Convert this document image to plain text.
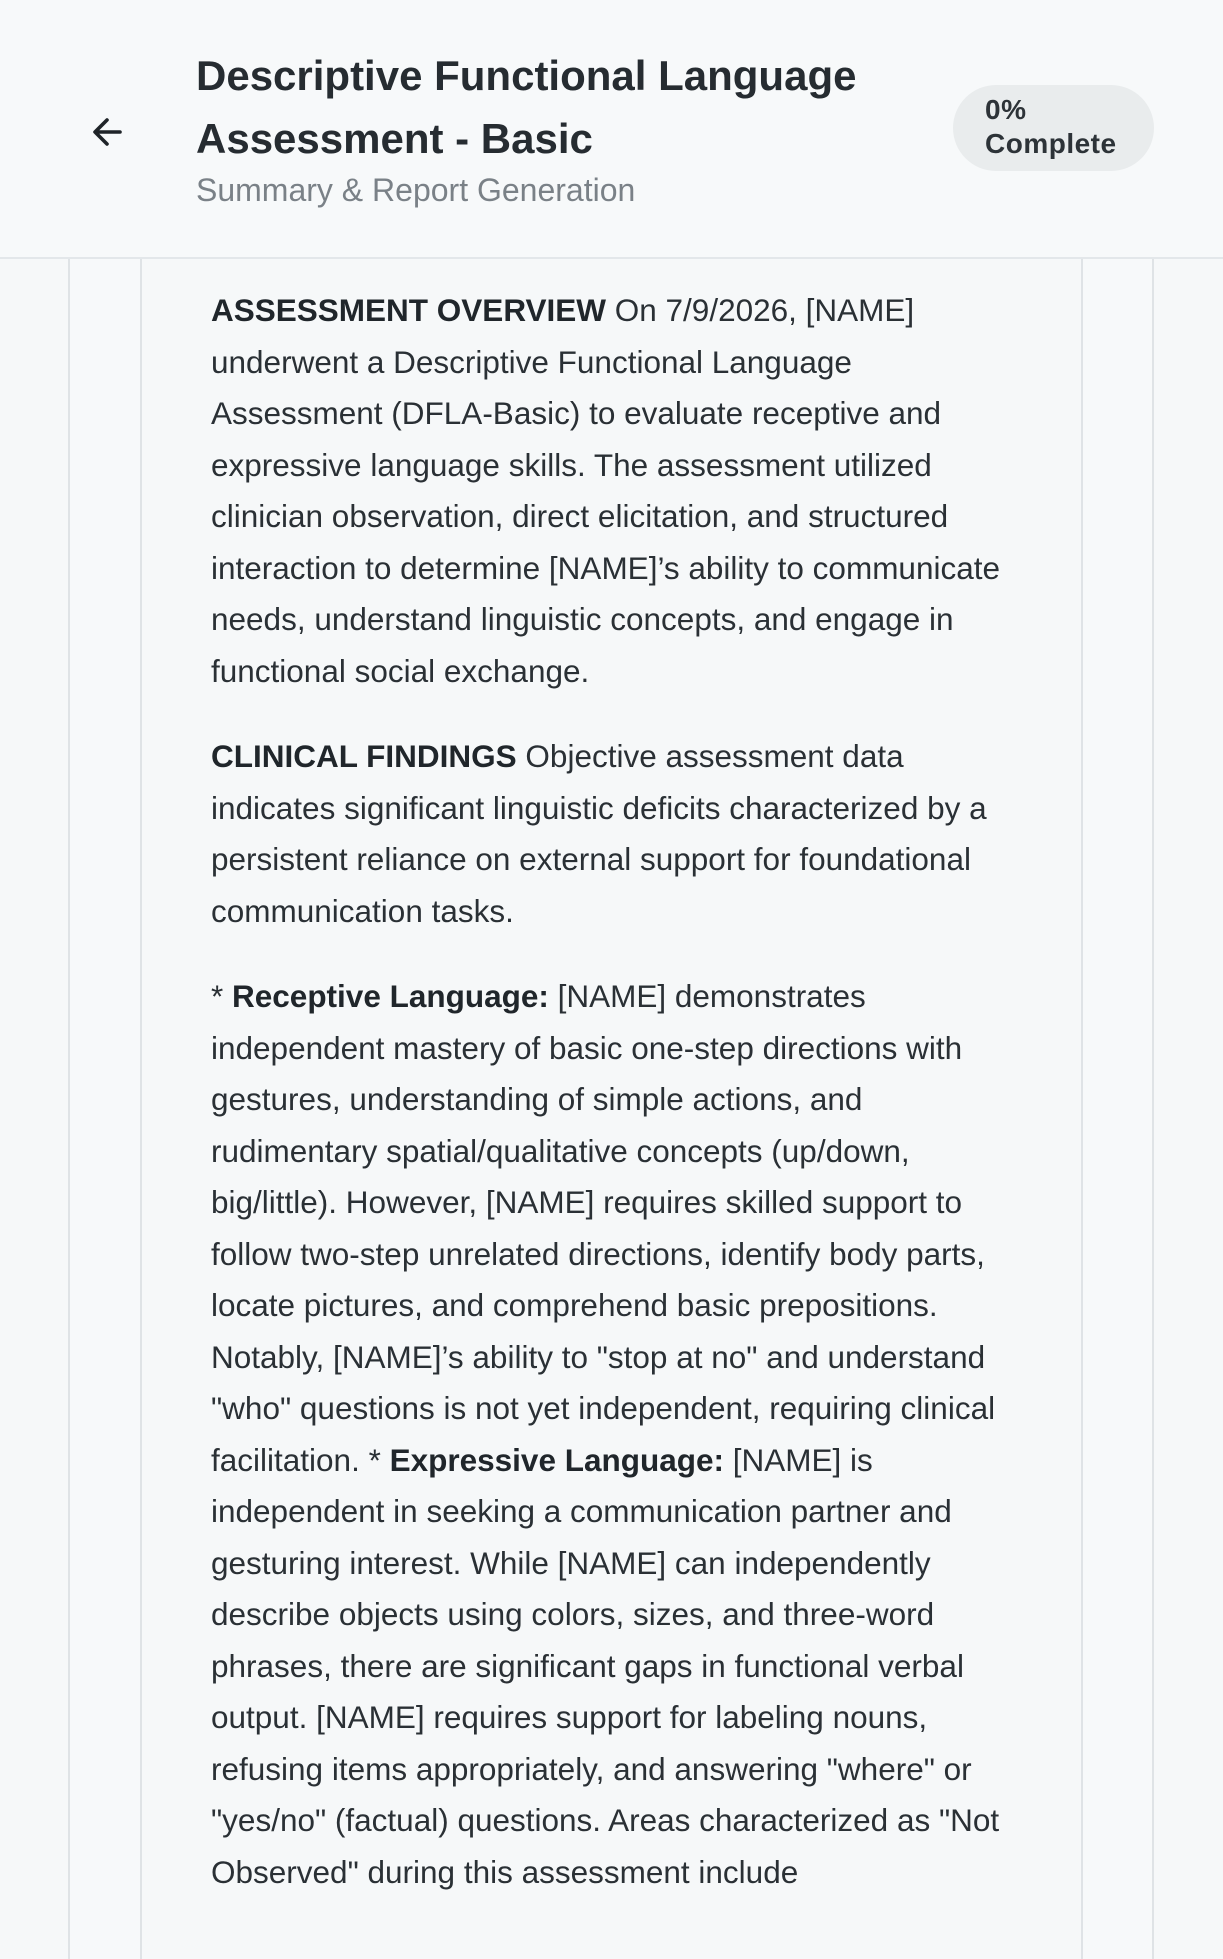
Descriptive Functional Language Assessment - Basic
Summary & Report Generation
0% Complete

ASSESSMENT OVERVIEW On 7/9/2026, [NAME] underwent a Descriptive Functional Language Assessment (DFLA-Basic) to evaluate receptive and expressive language skills. The assessment utilized clinician observation, direct elicitation, and structured interaction to determine [NAME]’s ability to communicate needs, understand linguistic concepts, and engage in functional social exchange.

CLINICAL FINDINGS Objective assessment data indicates significant linguistic deficits characterized by a persistent reliance on external support for foundational communication tasks.

* Receptive Language: [NAME] demonstrates independent mastery of basic one-step directions with gestures, understanding of simple actions, and rudimentary spatial/qualitative concepts (up/down, big/little). However, [NAME] requires skilled support to follow two-step unrelated directions, identify body parts, locate pictures, and comprehend basic prepositions. Notably, [NAME]’s ability to "stop at no" and understand "who" questions is not yet independent, requiring clinical facilitation. * Expressive Language: [NAME] is independent in seeking a communication partner and gesturing interest. While [NAME] can independently describe objects using colors, sizes, and three-word phrases, there are significant gaps in functional verbal output. [NAME] requires support for labeling nouns, refusing items appropriately, and answering "where" or "yes/no" (factual) questions. Areas characterized as "Not Observed" during this assessment include
